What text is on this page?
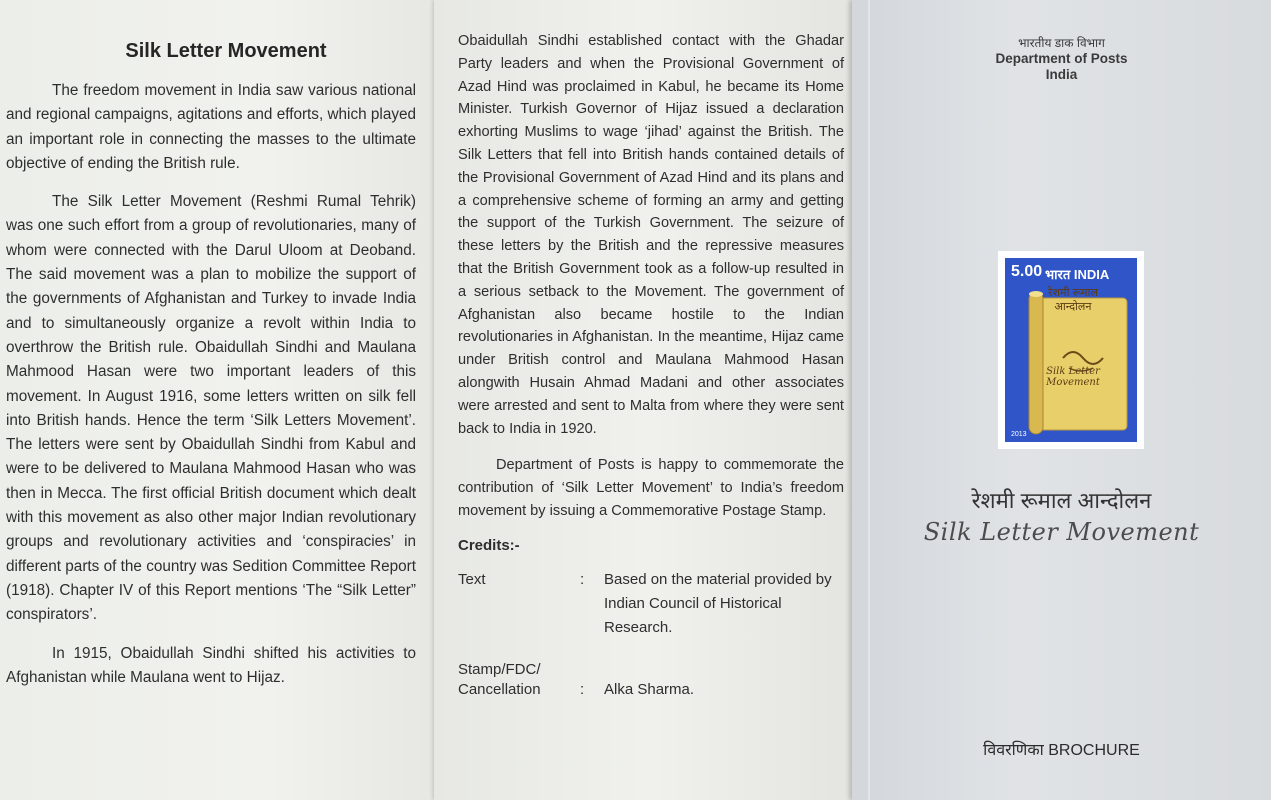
Silk Letter Movement

The freedom movement in India saw various national and regional campaigns, agitations and efforts, which played an important role in connecting the masses to the ultimate objective of ending the British rule.

The Silk Letter Movement (Reshmi Rumal Tehrik) was one such effort from a group of revolutionaries, many of whom were connected with the Darul Uloom at Deoband. The said movement was a plan to mobilize the support of the governments of Afghanistan and Turkey to invade India and to simultaneously organize a revolt within India to overthrow the British rule. Obaidullah Sindhi and Maulana Mahmood Hasan were two important leaders of this movement. In August 1916, some letters written on silk fell into British hands. Hence the term ‘Silk Letters Movement’. The letters were sent by Obaidullah Sindhi from Kabul and were to be delivered to Maulana Mahmood Hasan who was then in Mecca. The first official British document which dealt with this movement as also other major Indian revolutionary groups and revolutionary activities and ‘conspiracies’ in different parts of the country was Sedition Committee Report (1918). Chapter IV of this Report mentions ‘The “Silk Letter” conspirators’.

In 1915, Obaidullah Sindhi shifted his activities to Afghanistan while Maulana went to Hijaz.

Obaidullah Sindhi established contact with the Ghadar Party leaders and when the Provisional Government of Azad Hind was proclaimed in Kabul, he became its Home Minister. Turkish Governor of Hijaz issued a declaration exhorting Muslims to wage ‘jihad’ against the British. The Silk Letters that fell into British hands contained details of the Provisional Government of Azad Hind and its plans and a comprehensive scheme of forming an army and getting the support of the Turkish Government. The seizure of these letters by the British and the repressive measures that the British Government took as a follow-up resulted in a serious setback to the Movement. The government of Afghanistan also became hostile to the Indian revolutionaries in Afghanistan. In the meantime, Hijaz came under British control and Maulana Mahmood Hasan alongwith Husain Ahmad Madani and other associates were arrested and sent to Malta from where they were sent back to India in 1920.

Department of Posts is happy to commemorate the contribution of ‘Silk Letter Movement’ to India’s freedom movement by issuing a Commemorative Postage Stamp.

Credits:-
Text	:	Based on the material provided by Indian Council of Historical Research.
Stamp/FDC/ Cancellation	:	Alka Sharma.
भारतीय डाक विभाग
Department of Posts
India
5.00 भारत INDIA
रेशमी रूमाल आन्दोलन
Silk Letter Movement
2013
रेशमी रूमाल आन्दोलन
Silk Letter Movement
विवरणिका BROCHURE
